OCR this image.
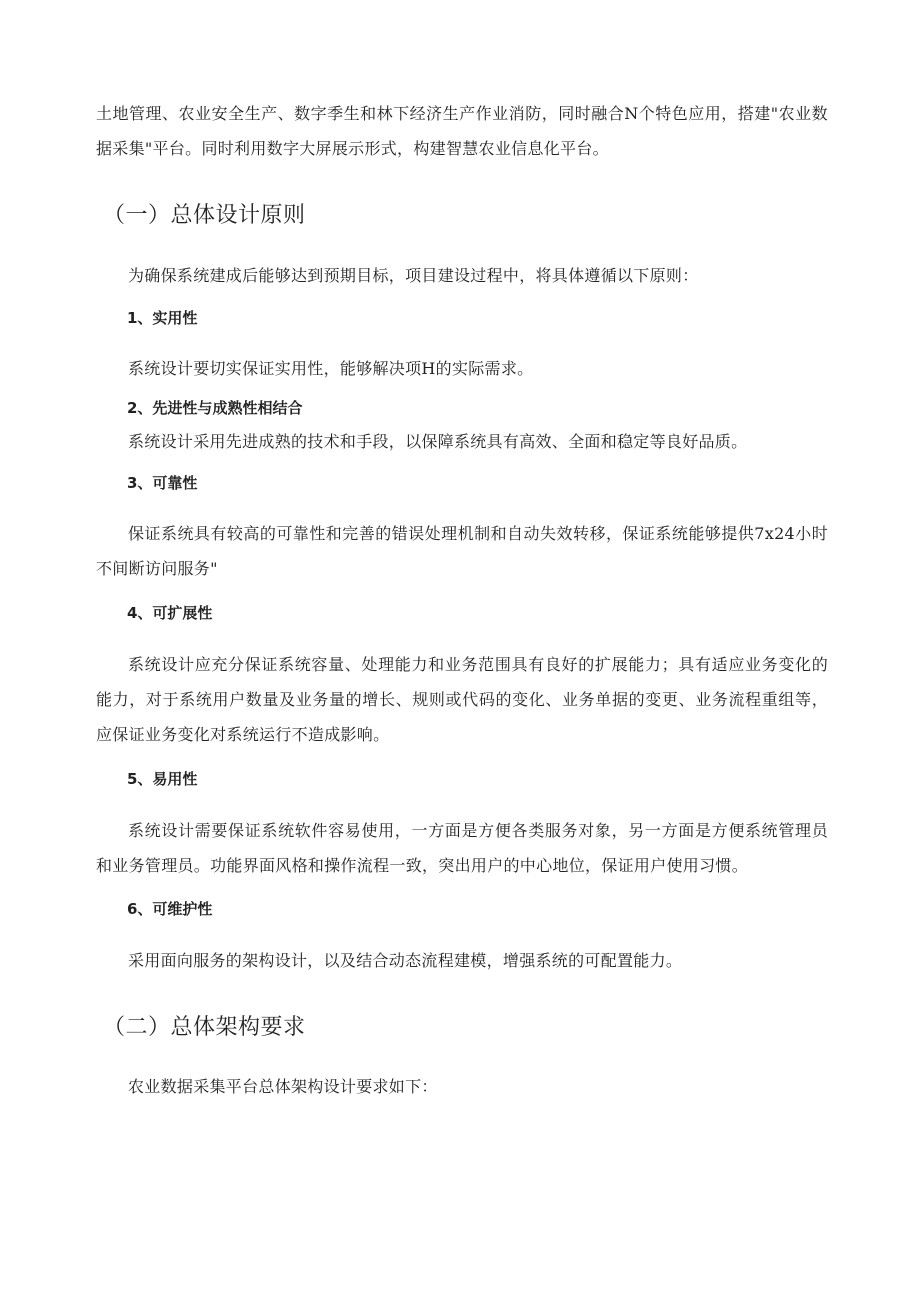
土地管理、农业安全生产、数字季生和林下经济生产作业消防，同时融合N个特色应用，搭建"农业数据采集"平台。同时利用数字大屏展示形式，构建智慧农业信息化平台。

（一）总体设计原则

为确保系统建成后能够达到预期目标，项目建设过程中，将具体遵循以下原则：

1、实用性

系统设计要切实保证实用性，能够解决项H的实际需求。

2、先进性与成熟性相结合

系统设计采用先进成熟的技术和手段，以保障系统具有高效、全面和稳定等良好品质。

3、可靠性

保证系统具有较高的可靠性和完善的错误处理机制和自动失效转移，保证系统能够提供7x24小时不间断访问服务"

4、可扩展性

系统设计应充分保证系统容量、处理能力和业务范围具有良好的扩展能力；具有适应业务变化的能力，对于系统用户数量及业务量的增长、规则或代码的变化、业务单据的变更、业务流程重组等，应保证业务变化对系统运行不造成影响。

5、易用性

系统设计需要保证系统软件容易使用，一方面是方便各类服务对象，另一方面是方便系统管理员和业务管理员。功能界面风格和操作流程一致，突出用户的中心地位，保证用户使用习惯。

6、可维护性

采用面向服务的架构设计，以及结合动态流程建模，增强系统的可配置能力。

（二）总体架构要求

农业数据采集平台总体架构设计要求如下：
